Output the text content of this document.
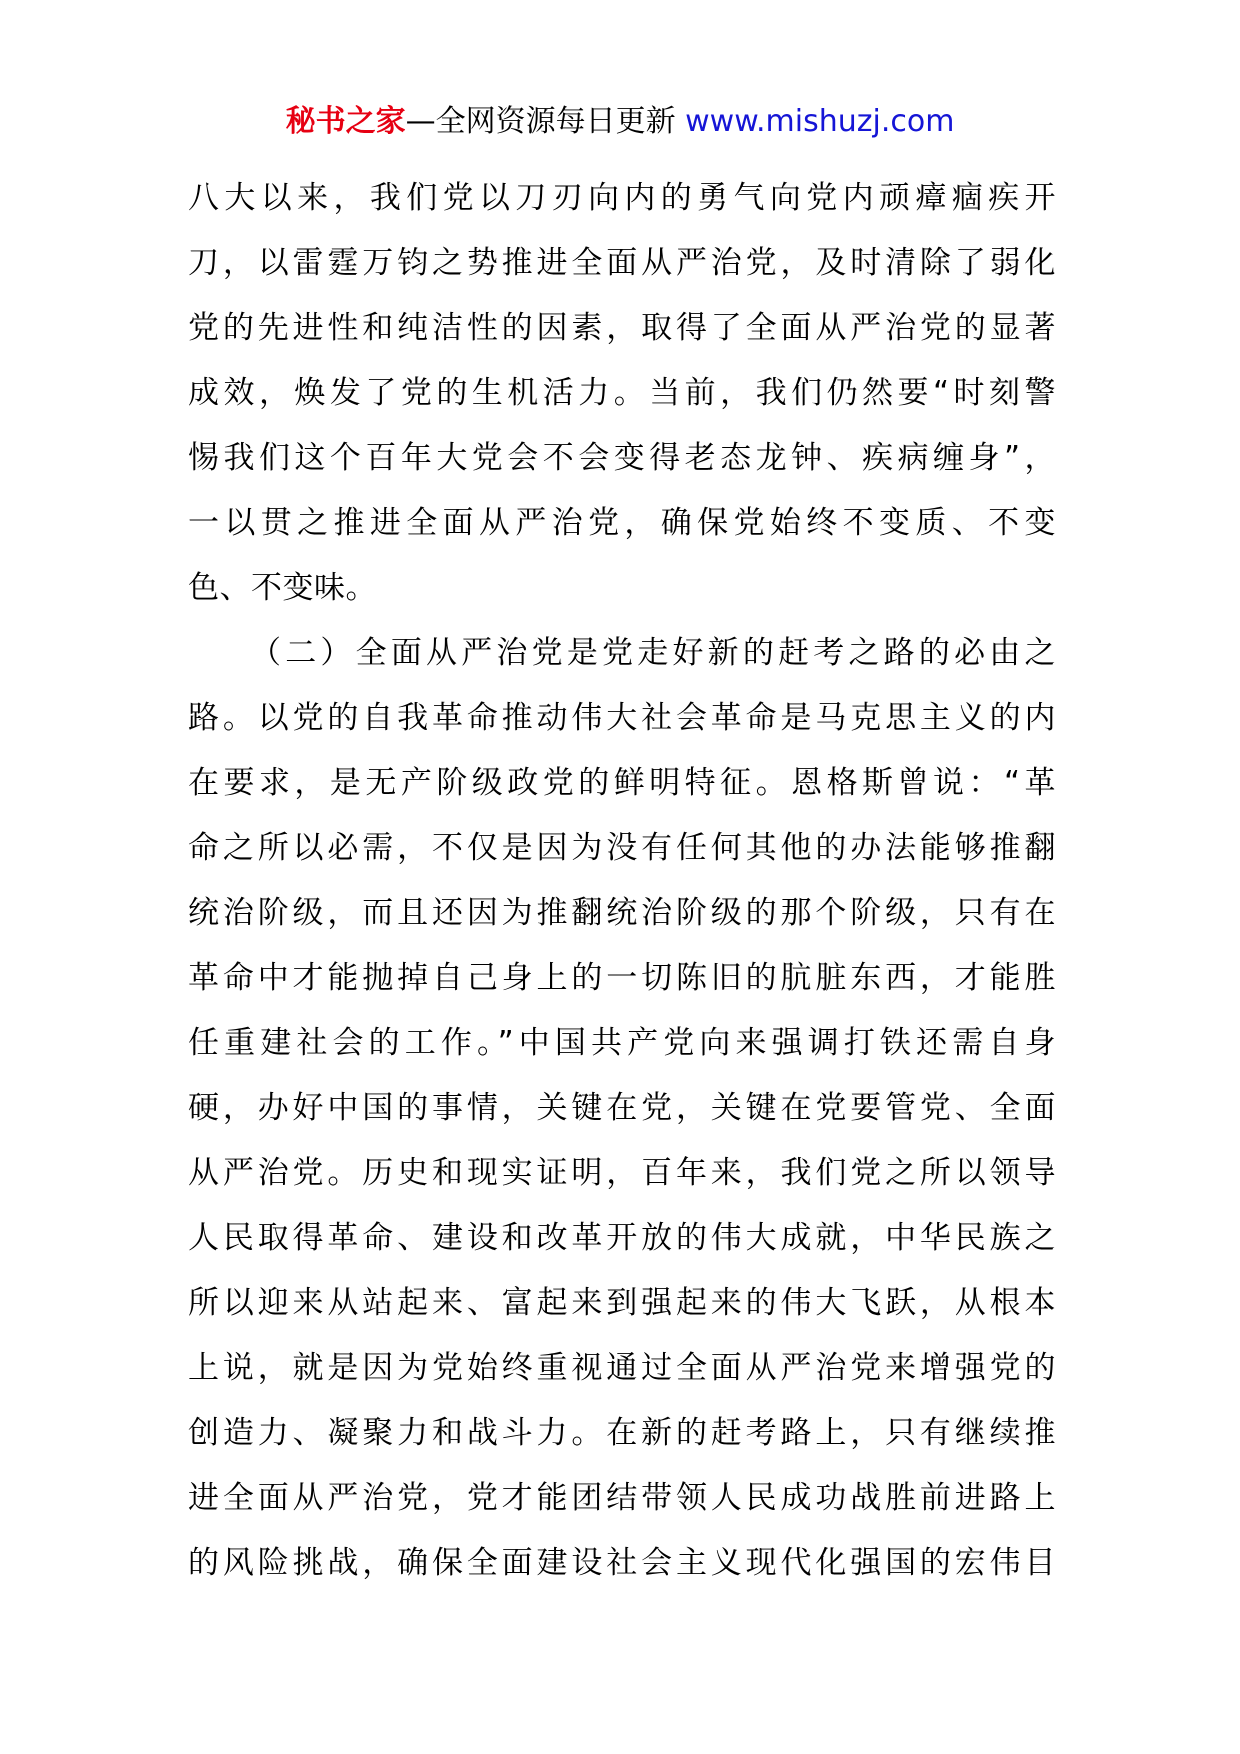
秘书之家—全网资源每日更新 www.mishuzj.com

八大以来，我们党以刀刃向内的勇气向党内顽瘴痼疾开

刀，以雷霆万钧之势推进全面从严治党，及时清除了弱化

党的先进性和纯洁性的因素，取得了全面从严治党的显著

成效，焕发了党的生机活力。当前，我们仍然要“时刻警

惕我们这个百年大党会不会变得老态龙钟、疾病缠身”，

一以贯之推进全面从严治党，确保党始终不变质、不变

色、不变味。

（二）全面从严治党是党走好新的赶考之路的必由之

路。以党的自我革命推动伟大社会革命是马克思主义的内

在要求，是无产阶级政党的鲜明特征。恩格斯曾说：“革

命之所以必需，不仅是因为没有任何其他的办法能够推翻

统治阶级，而且还因为推翻统治阶级的那个阶级，只有在

革命中才能抛掉自己身上的一切陈旧的肮脏东西，才能胜

任重建社会的工作。”中国共产党向来强调打铁还需自身

硬，办好中国的事情，关键在党，关键在党要管党、全面

从严治党。历史和现实证明，百年来，我们党之所以领导

人民取得革命、建设和改革开放的伟大成就，中华民族之

所以迎来从站起来、富起来到强起来的伟大飞跃，从根本

上说，就是因为党始终重视通过全面从严治党来增强党的

创造力、凝聚力和战斗力。在新的赶考路上，只有继续推

进全面从严治党，党才能团结带领人民成功战胜前进路上

的风险挑战，确保全面建设社会主义现代化强国的宏伟目
